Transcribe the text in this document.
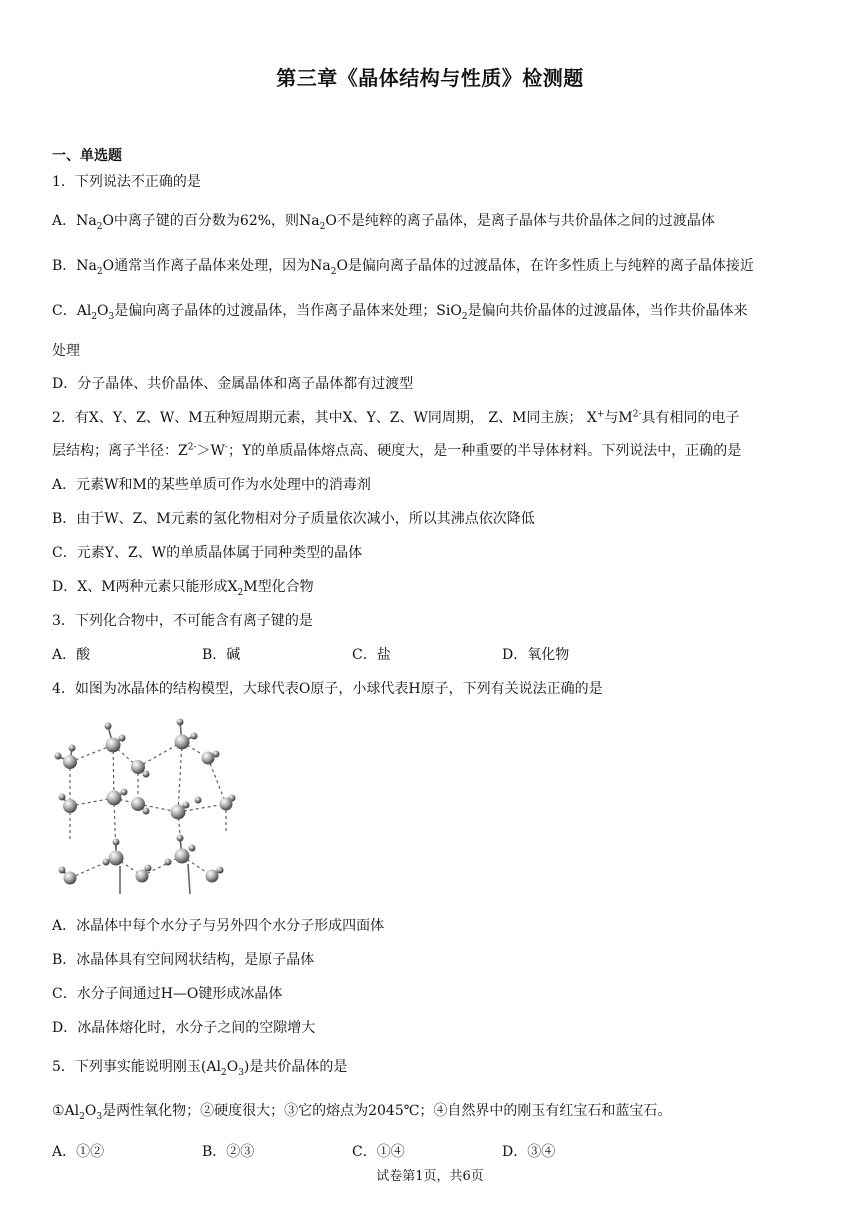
第三章《晶体结构与性质》检测题
一、单选题
1．下列说法不正确的是
A．$Na_2O$中离子键的百分数为62%，则$Na_2O$不是纯粹的离子晶体，是离子晶体与共价晶体之间的过渡晶体
B．$Na_2O$通常当作离子晶体来处理，因为$Na_2O$是偏向离子晶体的过渡晶体，在许多性质上与纯粹的离子晶体接近
C．$Al_2O_3$是偏向离子晶体的过渡晶体，当作离子晶体来处理；SiO$_2$是偏向共价晶体的过渡晶体，当作共价晶体来
处理
D．分子晶体、共价晶体、金属晶体和离子晶体都有过渡型
2．有X、Y、Z、W、M五种短周期元素，其中X、Y、Z、W同周期， Z、M同主族； X+与$M^{2-}$具有相同的电子
层结构；离子半径：$Z^{2-}>W^-$；Y的单质晶体熔点高、硬度大，是一种重要的半导体材料。下列说法中，正确的是
A．元素W和M的某些单质可作为水处理中的消毒剂
B．由于W、Z、M元素的氢化物相对分子质量依次减小，所以其沸点依次降低
C．元素Y、Z、W的单质晶体属于同种类型的晶体
D．X、M两种元素只能形成$X_2M$型化合物
3．下列化合物中，不可能含有离子键的是
A．酸	B．碱	C．盐	D．氧化物
4．如图为冰晶体的结构模型，大球代表O原子，小球代表H原子，下列有关说法正确的是
A．冰晶体中每个水分子与另外四个水分子形成四面体
B．冰晶体具有空间网状结构，是原子晶体
C．水分子间通过H—O键形成冰晶体
D．冰晶体熔化时，水分子之间的空隙增大
5．下列事实能说明刚玉$(Al_2O_3)$是共价晶体的是
$①Al_2O_3$是两性氧化物；②硬度很大；③它的熔点为2045℃；④自然界中的刚玉有红宝石和蓝宝石。
A．①②	B．②③	C．①④	D．③④
试卷第1页，共6页
